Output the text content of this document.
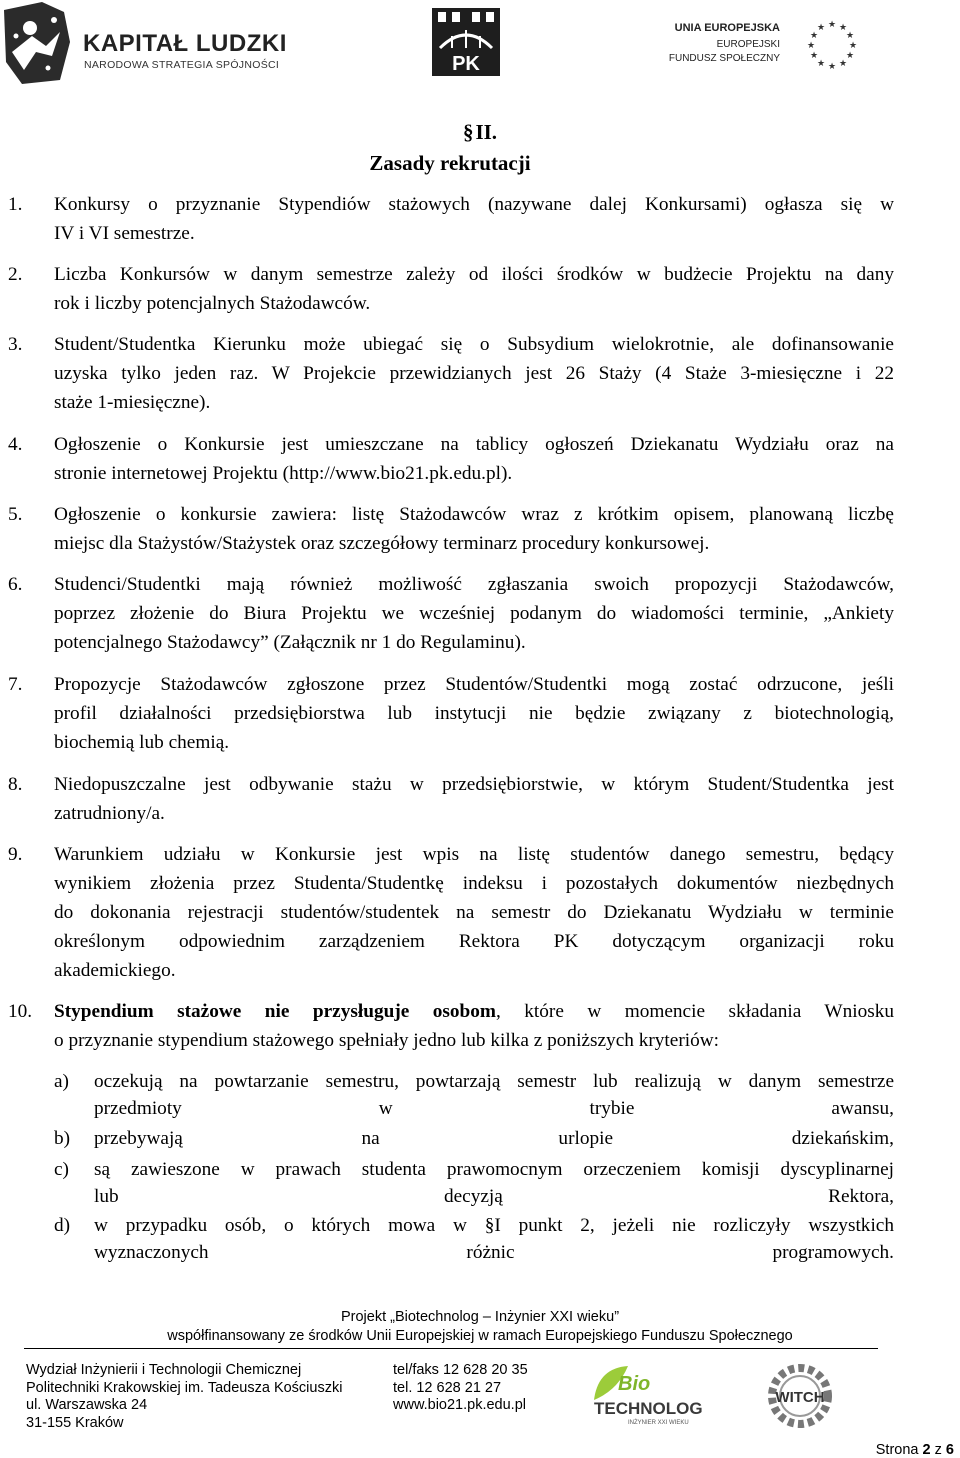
KAPITAŁ LUDZKI
NARODOWA STRATEGIA SPÓJNOŚCI	PK
UNIA EUROPEJSKA
EUROPEJSKI
FUNDUSZ SPOŁECZNY
★ ★
★
★
★
★
★
★
★
★
★
★
§II.
Zasady rekrutacji
1. Konkursy o przyznanie Stypendiów stażowych (nazywane dalej Konkursami) ogłasza się w
IV i VI semestrze.
2. Liczba Konkursów w danym semestrze zależy od ilości środków w budżecie Projektu na dany
rok i liczby potencjalnych Stażodawców.
3. Student/Studentka Kierunku może ubiegać się o Subsydium wielokrotnie, ale dofinansowanie
uzyska tylko jeden raz. W Projekcie przewidzianych jest 26 Staży (4 Staże 3-miesięczne i 22
staże 1-miesięczne).
4. Ogłoszenie o Konkursie jest umieszczane na tablicy ogłoszeń Dziekanatu Wydziału oraz na
stronie internetowej Projektu (http://www.bio21.pk.edu.pl).
5. Ogłoszenie o konkursie zawiera: listę Stażodawców wraz z krótkim opisem, planowaną liczbę
miejsc dla Stażystów/Stażystek oraz szczegółowy terminarz procedury konkursowej.
6. Studenci/Studentki mają również możliwość zgłaszania swoich propozycji Stażodawców,
poprzez złożenie do Biura Projektu we wcześniej podanym do wiadomości terminie, „Ankiety
potencjalnego Stażodawcy” (Załącznik nr 1 do Regulaminu).
7. Propozycje Stażodawców zgłoszone przez Studentów/Studentki mogą zostać odrzucone, jeśli
profil działalności przedsiębiorstwa lub instytucji nie będzie związany z biotechnologią,
biochemią lub chemią.
8. Niedopuszczalne jest odbywanie stażu w przedsiębiorstwie, w którym Student/Studentka jest
zatrudniony/a.
9. Warunkiem udziału w Konkursie jest wpis na listę studentów danego semestru, będący
wynikiem złożenia przez Studenta/Studentkę indeksu i pozostałych dokumentów niezbędnych
do dokonania rejestracji studentów/studentek na semestr do Dziekanatu Wydziału w terminie
określonym odpowiednim zarządzeniem Rektora PK dotyczącym organizacji roku
akademickiego.
10. Stypendium stażowe nie przysługuje osobom, które w momencie składania Wniosku
o przyznanie stypendium stażowego spełniały jedno lub kilka z poniższych kryteriów:
a) oczekują na powtarzanie semestru, powtarzają semestr lub realizują w danym semestrze
przedmioty w trybie awansu,
b) przebywają na urlopie dziekańskim,
c) są zawieszone w prawach studenta prawomocnym orzeczeniem komisji dyscyplinarnej
lub decyzją Rektora,
d) w przypadku osób, o których mowa w §I punkt 2, jeżeli nie rozliczyły wszystkich
wyznaczonych różnic programowych.
Projekt „Biotechnolog – Inżynier XXI wieku”
współfinansowany ze środków Unii Europejskiej w ramach Europejskiego Funduszu Społecznego
Wydział Inżynierii i Technologii Chemicznej
Politechniki Krakowskiej im. Tadeusza Kościuszki
ul. Warszawska 24
31-155 Kraków
tel/faks 12 628 20 35
tel. 12 628 21 27
www.bio21.pk.edu.pl
Bio
TECHNOLOG
INŻYNIER XXI WIEKU
WITCH
Strona 2 z 6
